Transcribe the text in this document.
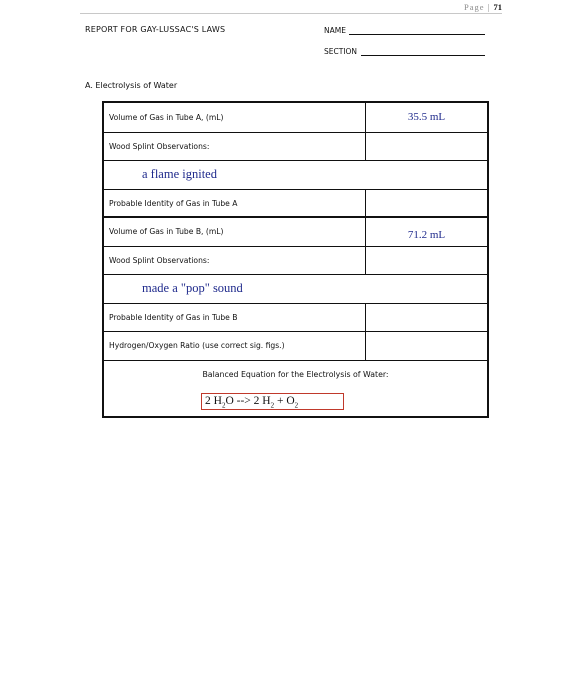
Page | 71
REPORT FOR GAY-LUSSAC'S LAWS	NAME
SECTION
A. Electrolysis of Water
Volume of Gas in Tube A, (mL)	35.5 mL
Wood Splint Observations:
a flame ignited
Probable Identity of Gas in Tube A
Volume of Gas in Tube B, (mL)	71.2 mL
Wood Splint Observations:
made a "pop" sound
Probable Identity of Gas in Tube B
Hydrogen/Oxygen Ratio (use correct sig. figs.)
Balanced Equation for the Electrolysis of Water:
2 $H_2O$ --> 2 $H_2 + O_2$
